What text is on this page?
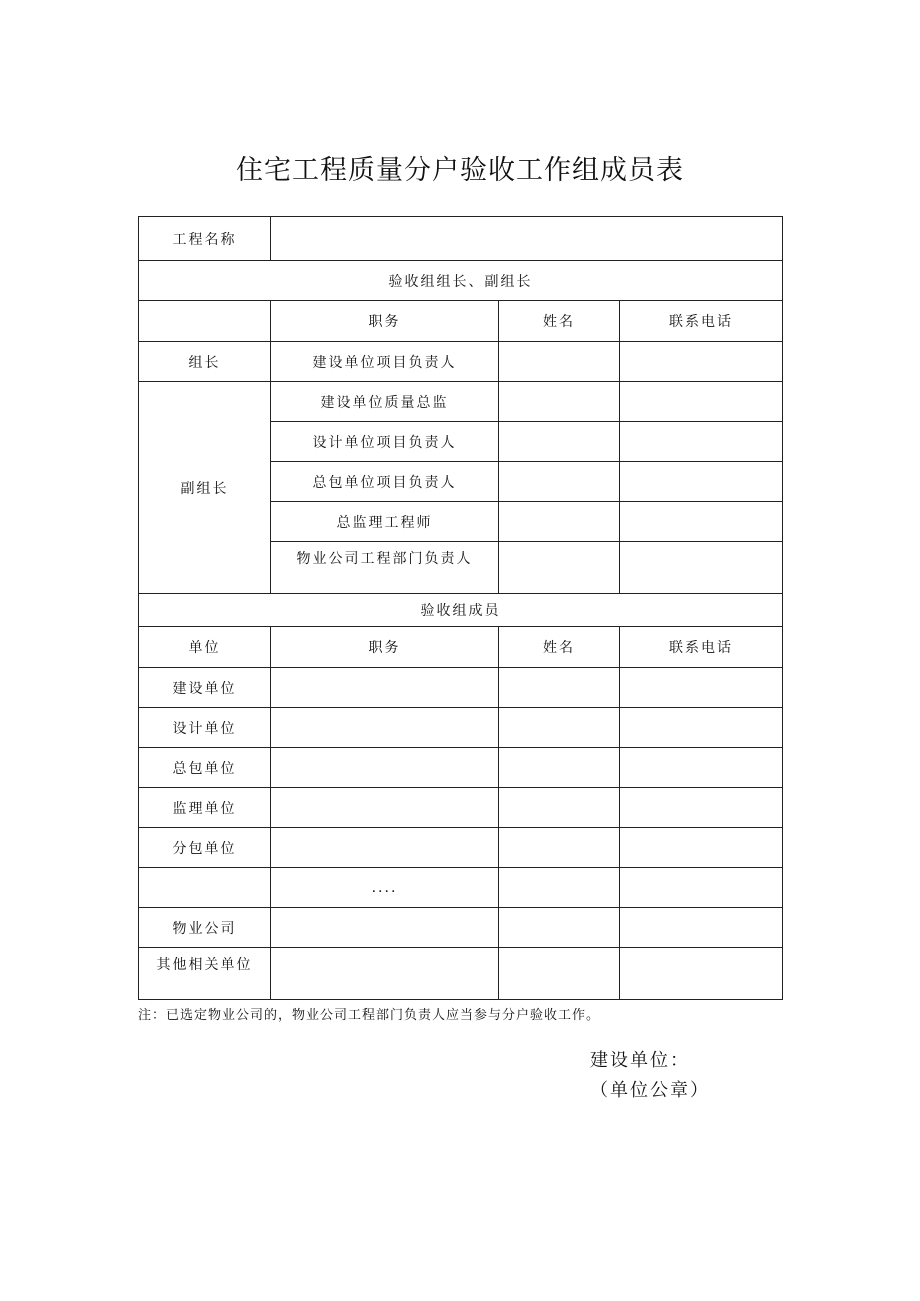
住宅工程质量分户验收工作组成员表
工程名称			
验收组组长、副组长			
	职务	姓名	联系电话
组长	建设单位项目负责人		
副组长	建设单位质量总监		
	设计单位项目负责人		
	总包单位项目负责人		
	总监理工程师		
	物业公司工程部门负责人		
验收组成员			
单位	职务	姓名	联系电话
建设单位			
设计单位			
总包单位			
监理单位			
分包单位			
	....		
物业公司			
其他相关单位			
注：已选定物业公司的，物业公司工程部门负责人应当参与分户验收工作。
建设单位：
（单位公章）
